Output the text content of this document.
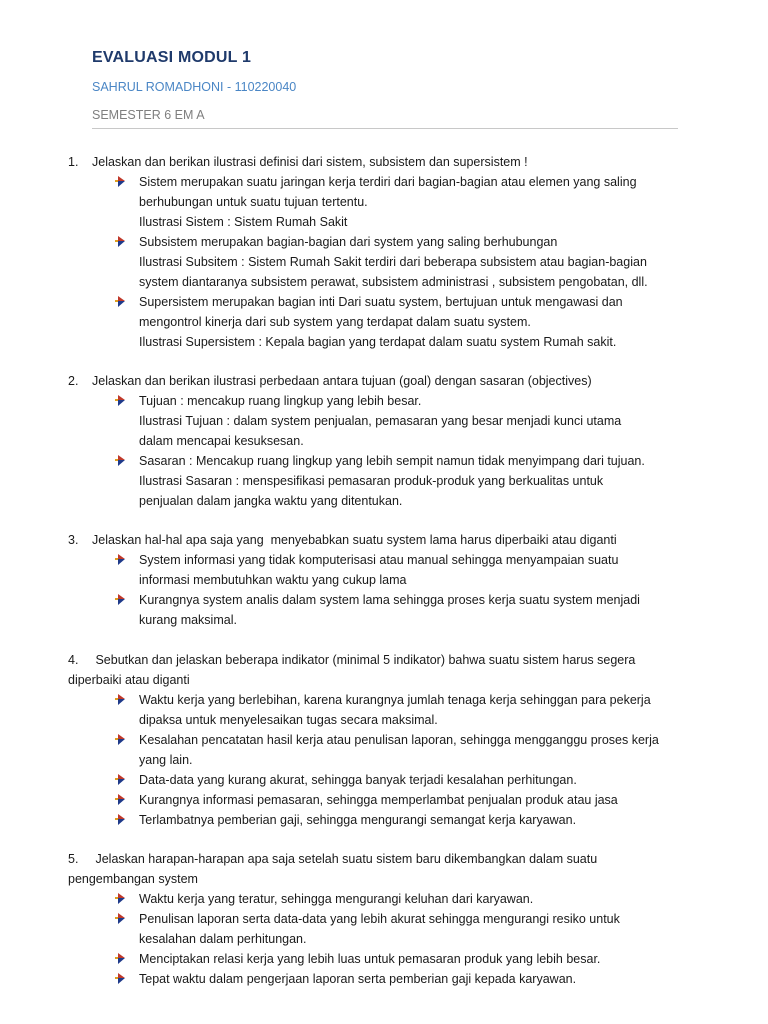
EVALUASI MODUL 1
SAHRUL ROMADHONI - 110220040
SEMESTER 6 EM A
1. Jelaskan dan berikan ilustrasi definisi dari sistem, subsistem dan supersistem !
Sistem merupakan suatu jaringan kerja terdiri dari bagian-bagian atau elemen yang saling
berhubungan untuk suatu tujuan tertentu.
Ilustrasi Sistem : Sistem Rumah Sakit
Subsistem merupakan bagian-bagian dari system yang saling berhubungan
Ilustrasi Subsitem : Sistem Rumah Sakit terdiri dari beberapa subsistem atau bagian-bagian
system diantaranya subsistem perawat, subsistem administrasi , subsistem pengobatan, dll.
Supersistem merupakan bagian inti Dari suatu system, bertujuan untuk mengawasi dan
mengontrol kinerja dari sub system yang terdapat dalam suatu system.
Ilustrasi Supersistem : Kepala bagian yang terdapat dalam suatu system Rumah sakit.
2. Jelaskan dan berikan ilustrasi perbedaan antara tujuan (goal) dengan sasaran (objectives)
Tujuan : mencakup ruang lingkup yang lebih besar.
Ilustrasi Tujuan : dalam system penjualan, pemasaran yang besar menjadi kunci utama
dalam mencapai kesuksesan.
Sasaran : Mencakup ruang lingkup yang lebih sempit namun tidak menyimpang dari tujuan.
Ilustrasi Sasaran : menspesifikasi pemasaran produk-produk yang berkualitas untuk
penjualan dalam jangka waktu yang ditentukan.
3. Jelaskan hal-hal apa saja yang  menyebabkan suatu system lama harus diperbaiki atau diganti
System informasi yang tidak komputerisasi atau manual sehingga menyampaian suatu
informasi membutuhkan waktu yang cukup lama
Kurangnya system analis dalam system lama sehingga proses kerja suatu system menjadi
kurang maksimal.
4. Sebutkan dan jelaskan beberapa indikator (minimal 5 indikator) bahwa suatu sistem harus segera
diperbaiki atau diganti
Waktu kerja yang berlebihan, karena kurangnya jumlah tenaga kerja sehinggan para pekerja
dipaksa untuk menyelesaikan tugas secara maksimal.
Kesalahan pencatatan hasil kerja atau penulisan laporan, sehingga mengganggu proses kerja
yang lain.
Data-data yang kurang akurat, sehingga banyak terjadi kesalahan perhitungan.
Kurangnya informasi pemasaran, sehingga memperlambat penjualan produk atau jasa
Terlambatnya pemberian gaji, sehingga mengurangi semangat kerja karyawan.
5. Jelaskan harapan-harapan apa saja setelah suatu sistem baru dikembangkan dalam suatu
pengembangan system
Waktu kerja yang teratur, sehingga mengurangi keluhan dari karyawan.
Penulisan laporan serta data-data yang lebih akurat sehingga mengurangi resiko untuk
kesalahan dalam perhitungan.
Menciptakan relasi kerja yang lebih luas untuk pemasaran produk yang lebih besar.
Tepat waktu dalam pengerjaan laporan serta pemberian gaji kepada karyawan.
